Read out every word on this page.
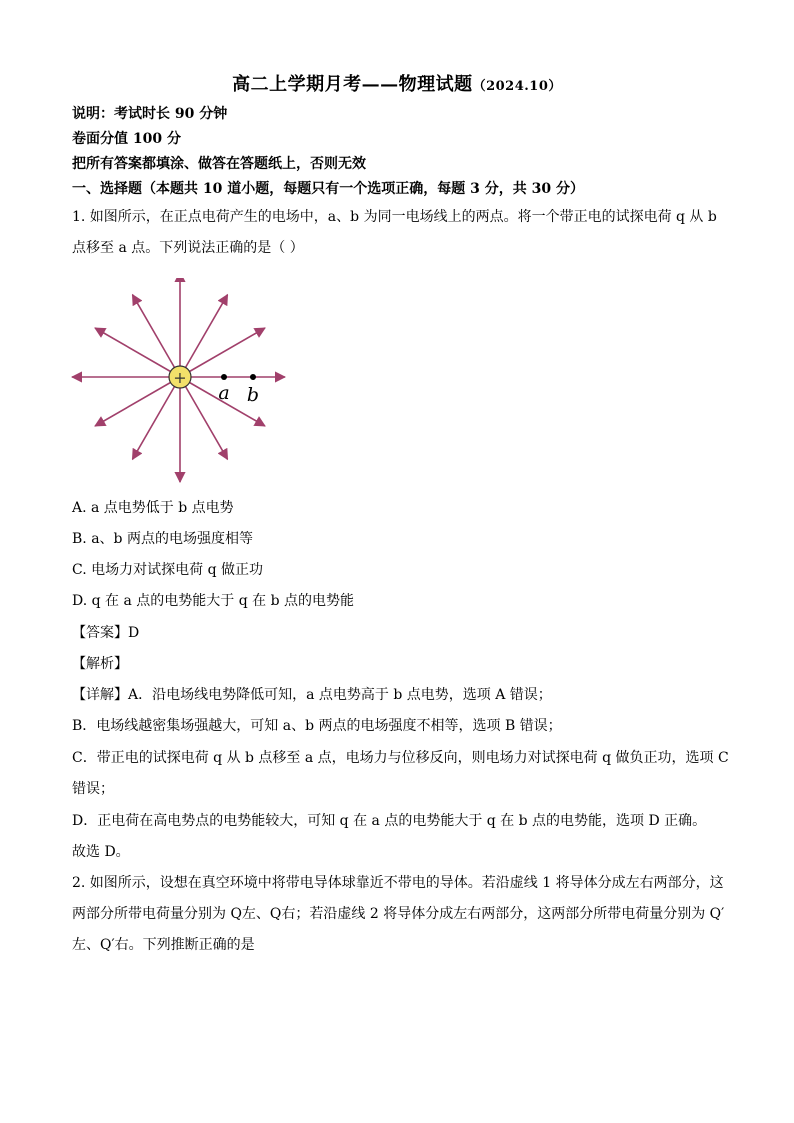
高二上学期月考——物理试题（2024.10）
说明：考试时长 90 分钟
卷面分值 100 分
把所有答案都填涂、做答在答题纸上，否则无效
一、选择题（本题共 10 道小题，每题只有一个选项正确，每题 3 分，共 30 分）
1. 如图所示，在正点电荷产生的电场中，a、b 为同一电场线上的两点。将一个带正电的试探电荷 q 从 b
点移至 a 点。下列说法正确的是（ ）
+
a b
A. a 点电势低于 b 点电势
B. a、b 两点的电场强度相等
C. 电场力对试探电荷 q 做正功
D. q 在 a 点的电势能大于 q 在 b 点的电势能
【答案】D
【解析】
【详解】A．沿电场线电势降低可知，a 点电势高于 b 点电势，选项 A 错误；
B．电场线越密集场强越大，可知 a、b 两点的电场强度不相等，选项 B 错误；
C．带正电的试探电荷 q 从 b 点移至 a 点，电场力与位移反向，则电场力对试探电荷 q 做负正功，选项 C
错误；
D．正电荷在高电势点的电势能较大，可知 q 在 a 点的电势能大于 q 在 b 点的电势能，选项 D 正确。
故选 D。
2. 如图所示，设想在真空环境中将带电导体球靠近不带电的导体。若沿虚线 1 将导体分成左右两部分，这
两部分所带电荷量分别为 Q左、Q右；若沿虚线 2 将导体分成左右两部分，这两部分所带电荷量分别为 Q′
左、Q′右。下列推断正确的是
